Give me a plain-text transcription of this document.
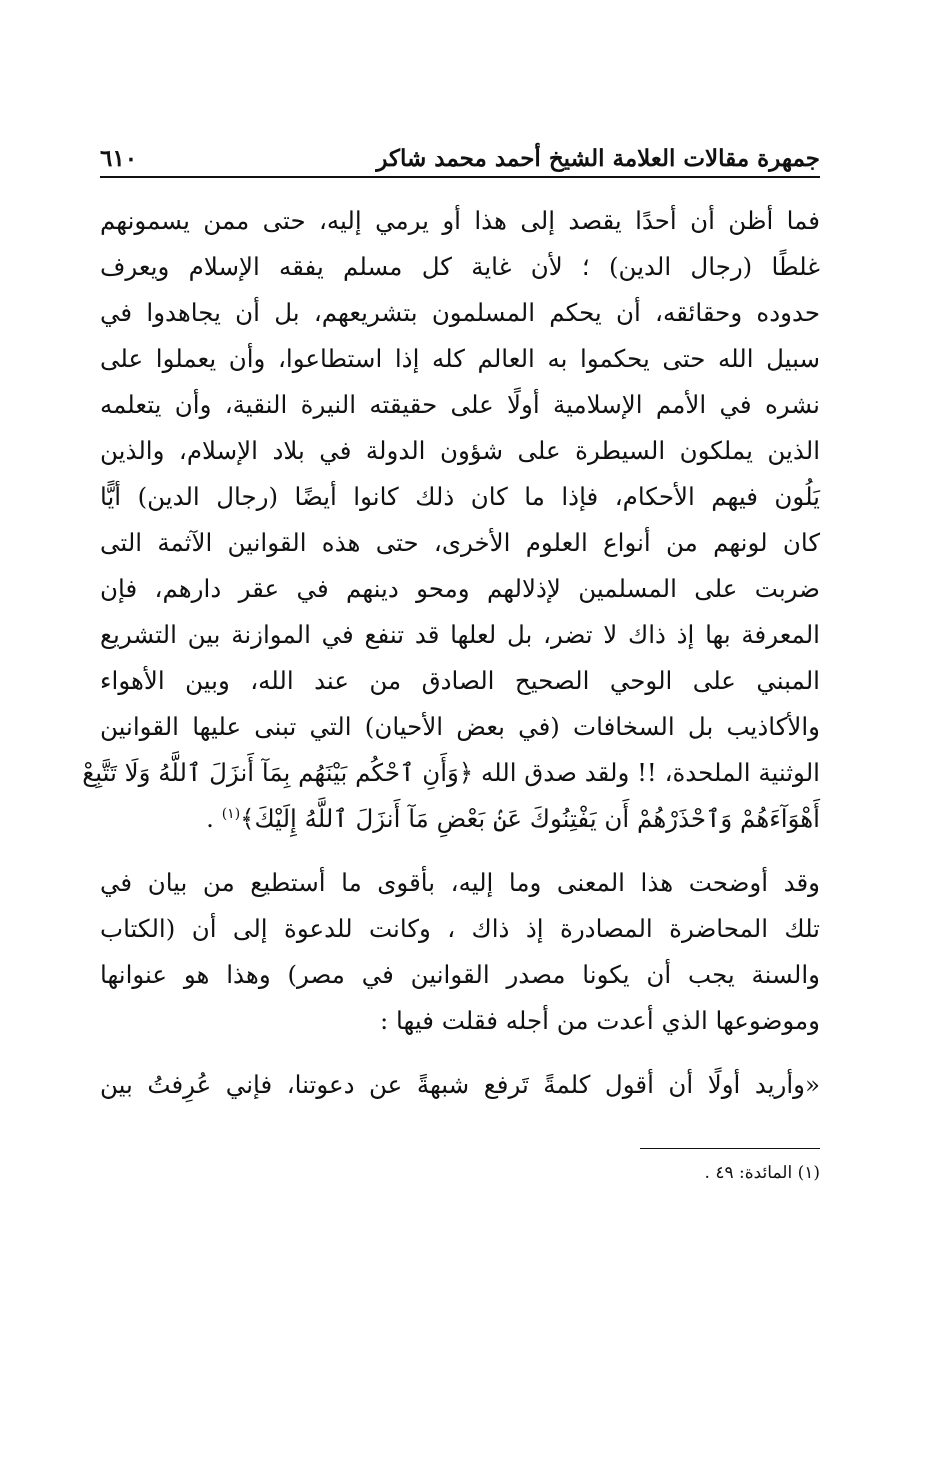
جمهرة مقالات العلامة الشيخ أحمد محمد شاكر
٦١٠

فما أظن أن أحدًا يقصد إلى هذا أو يرمي إليه، حتى ممن يسمونهم
غلطًا (رجال الدين) ؛ لأن غاية كل مسلم يفقه الإسلام ويعرف
حدوده وحقائقه، أن يحكم المسلمون بتشريعهم، بل أن يجاهدوا في
سبيل الله حتى يحكموا به العالم كله إذا استطاعوا، وأن يعملوا على
نشره في الأمم الإسلامية أولًا على حقيقته النيرة النقية، وأن يتعلمه
الذين يملكون السيطرة على شؤون الدولة في بلاد الإسلام، والذين
يَلُون فيهم الأحكام، فإذا ما كان ذلك كانوا أيضًا (رجال الدين) أيًّا
كان لونهم من أنواع العلوم الأخرى، حتى هذه القوانين الآثمة التى
ضربت على المسلمين لإذلالهم ومحو دينهم في عقر دارهم، فإن
المعرفة بها إذ ذاك لا تضر، بل لعلها قد تنفع في الموازنة بين التشريع
المبني على الوحي الصحيح الصادق من عند الله، وبين الأهواء
والأكاذيب بل السخافات (في بعض الأحيان) التي تبنى عليها القوانين
الوثنية الملحدة، !! ولقد صدق الله ﴿وَأَنِ ٱحْكُم بَيْنَهُم بِمَآ أَنزَلَ ٱللَّهُ وَلَا تَتَّبِعْ
أَهْوَآءَهُمْ وَٱحْذَرْهُمْ أَن يَفْتِنُوكَ عَنۢ بَعْضِ مَآ أَنزَلَ ٱللَّهُ إِلَيْكَ﴾$^{(١)}$ .

وقد أوضحت هذا المعنى وما إليه، بأقوى ما أستطيع من بيان في
تلك المحاضرة المصادرة إذ ذاك ، وكانت للدعوة إلى أن (الكتاب
والسنة يجب أن يكونا مصدر القوانين في مصر) وهذا هو عنوانها
وموضوعها الذي أعدت من أجله فقلت فيها :

«وأريد أولًا أن أقول كلمةً تَرفع شبهةً عن دعوتنا، فإني عُرِفتُ بين

(١) المائدة: ٤٩ .
